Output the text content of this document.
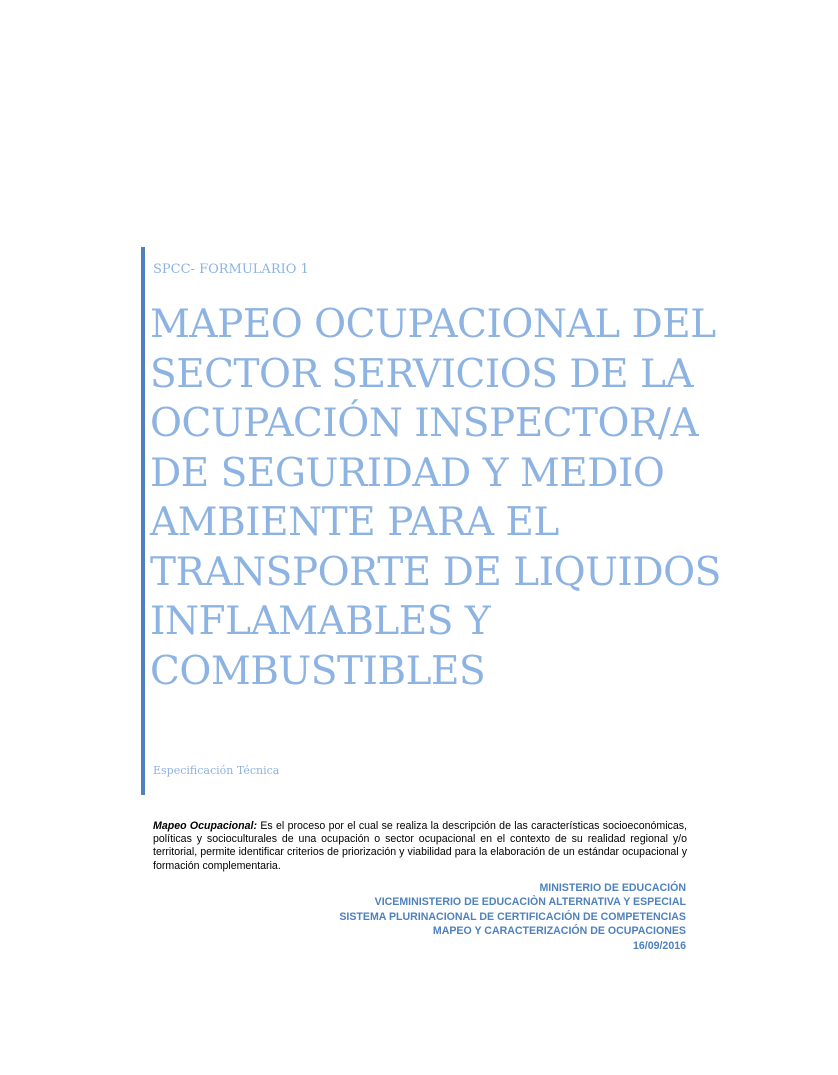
SPCC- FORMULARIO 1
MAPEO OCUPACIONAL DEL
SECTOR SERVICIOS DE LA
OCUPACIÓN INSPECTOR/A
DE SEGURIDAD Y MEDIO
AMBIENTE PARA EL
TRANSPORTE DE LIQUIDOS
INFLAMABLES Y
COMBUSTIBLES
Especificación Técnica

Mapeo Ocupacional: Es el proceso por el cual se realiza la descripción de las características socioeconómicas, políticas y socioculturales de una ocupación o sector ocupacional en el contexto de su realidad regional y/o territorial, permite identificar criterios de priorización y viabilidad para la elaboración de un estándar ocupacional y formación complementaria.

MINISTERIO DE EDUCACIÓN
VICEMINISTERIO DE EDUCACIÒN ALTERNATIVA Y ESPECIAL
SISTEMA PLURINACIONAL DE CERTIFICACIÓN DE COMPETENCIAS
MAPEO Y CARACTERIZACIÓN DE OCUPACIONES
16/09/2016
